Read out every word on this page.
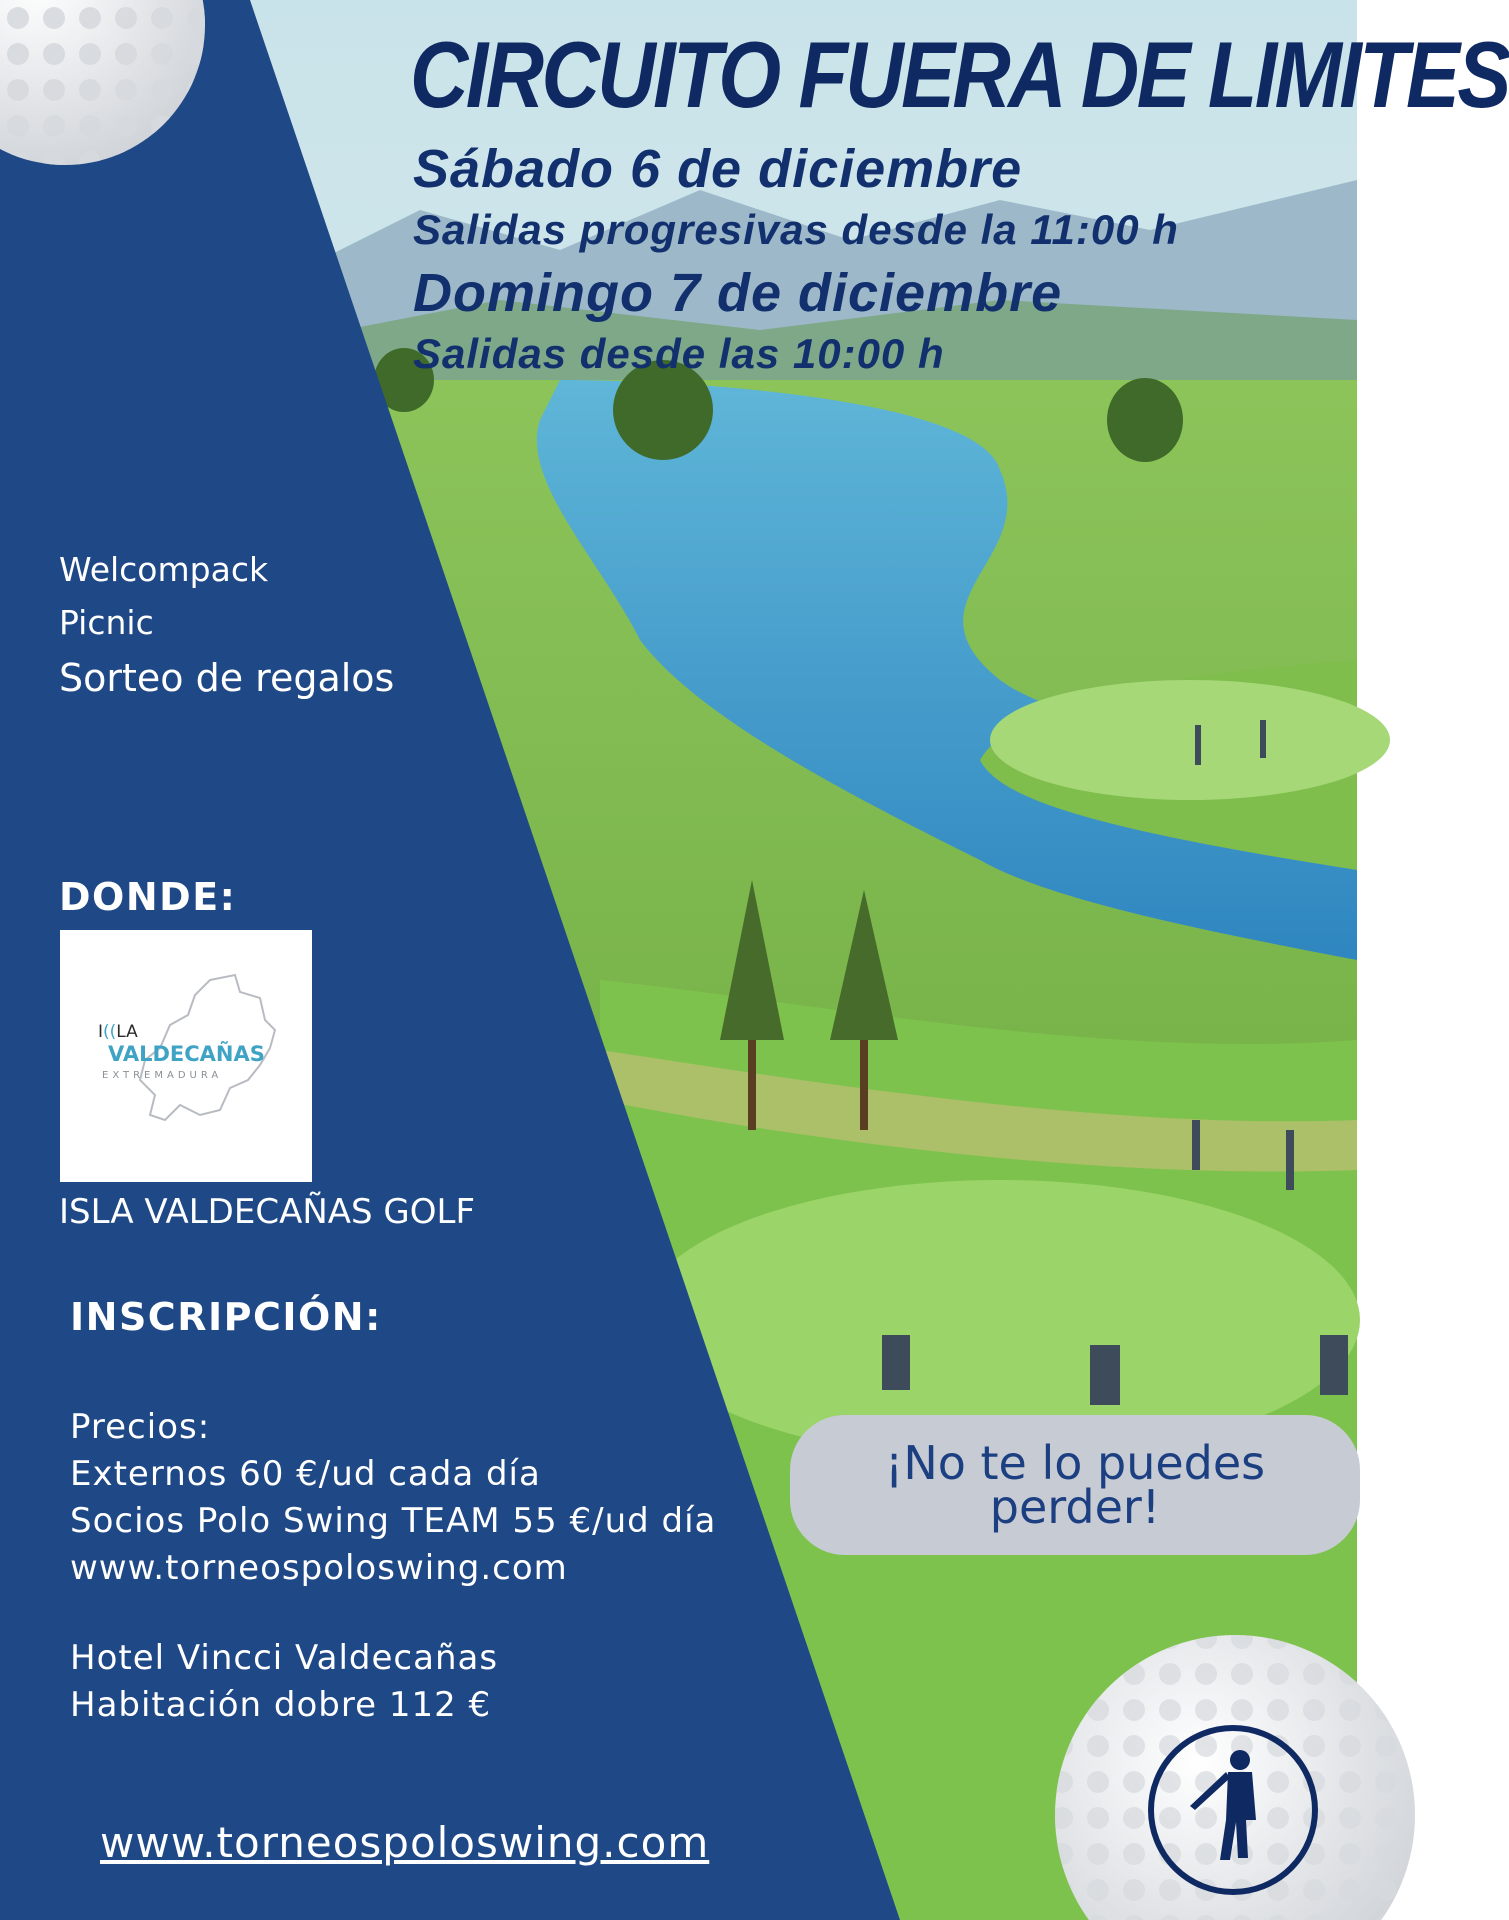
CIRCUITO FUERA DE LIMITES
Sábado 6 de diciembre
Salidas progresivas desde la 11:00 h
Domingo 7 de diciembre
Salidas desde las 10:00 h
Welcompack
Picnic
Sorteo de regalos
DONDE:
I((LA
VALDECAÑAS
EXTREMADURA
ISLA VALDECAÑAS GOLF
INSCRIPCIÓN:
Precios:
Externos 60 €/ud cada día
Socios Polo Swing TEAM 55 €/ud día
www.torneospoloswing.com
Hotel Vincci Valdecañas
Habitación dobre 112 €
¡No te lo puedes perder!
www.torneospoloswing.com
